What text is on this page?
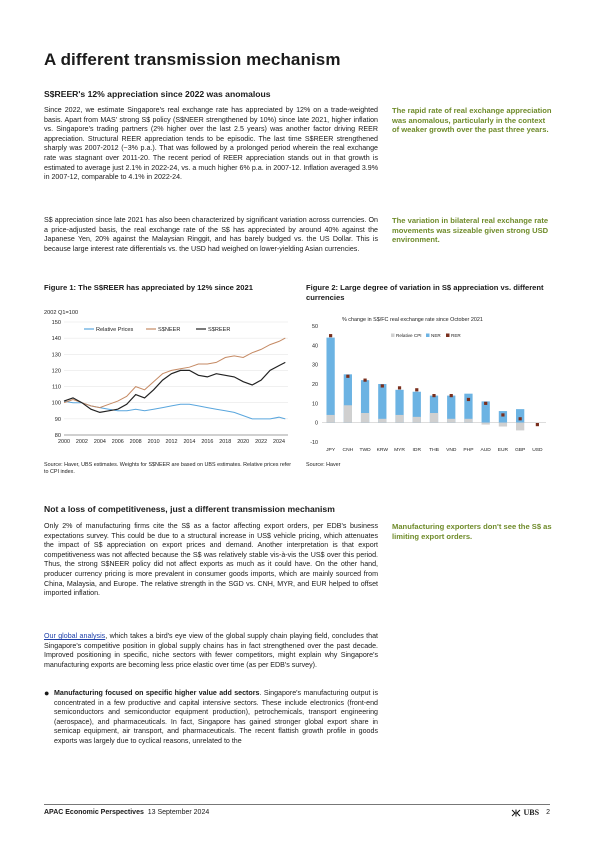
A different transmission mechanism
S$REER's 12% appreciation since 2022 was anomalous

Since 2022, we estimate Singapore's real exchange rate has appreciated by 12% on a trade-weighted basis. Apart from MAS' strong S$ policy (S$NEER strengthened by 10%) since late 2021, higher inflation vs. Singapore's trading partners (2% higher over the last 2.5 years) was another factor driving REER appreciation. Structural REER appreciation tends to be episodic. The last time S$REER strengthened sharply was 2007-2012 (~3% p.a.). That was followed by a prolonged period wherein the real exchange rate was stagnant over 2011-20. The recent period of REER appreciation stands out in that growth is estimated to average just 2.1% in 2022-24, vs. a much higher 6% p.a. in 2007-12. Inflation averaged 3.9% in 2007-12, comparable to 4.1% in 2022-24.

The rapid rate of real exchange appreciation was anomalous, particularly in the context of weaker growth over the past three years.

S$ appreciation since late 2021 has also been characterized by significant variation across currencies. On a price-adjusted basis, the real exchange rate of the S$ has appreciated by around 40% against the Japanese Yen, 20% against the Malaysian Ringgit, and has barely budged vs. the US Dollar. This is because large interest rate differentials vs. the USD had weighed on lower-yielding Asian currencies.

The variation in bilateral real exchange rate movements was sizeable given strong USD environment.

Figure 1: The S$REER has appreciated by 12% since 2021

2002 Q1=100
80
90
100
110
120
130
140
150
2000 2002 2004 2006 2008 2010 2012 2014 2016 2018 2020 2022 2024
Relative Prices	S$NEER	S$REER

Source: Haver, UBS estimates. Weights for S$NEER are based on UBS estimates. Relative prices refer to CPI index.

Figure 2: Large degree of variation in S$ appreciation vs. different currencies

% change in S$/FC real exchange rate since October 2021
-10
0
10
20
30
40
50
JPY CNH TWD KRW MYR IDR THB VND PHP AUD EUR GBP USD
Relative CPI NER RER

Source: Haver

Not a loss of competitiveness, just a different transmission mechanism

Only 2% of manufacturing firms cite the S$ as a factor affecting export orders, per EDB's business expectations survey. This could be due to a structural increase in US$ vehicle pricing, which attenuates the impact of S$ appreciation on export prices and demand. Another interpretation is that export competitiveness was not affected because the S$ was relatively stable vis-à-vis the US$ over this period. Thus, the strong S$NEER policy did not affect exports as much as it could have. On the other hand, producer currency pricing is more prevalent in consumer goods imports, which are mainly sourced from China, Malaysia, and Europe. The relative strength in the SGD vs. CNH, MYR, and EUR helped to offset imported inflation.

Manufacturing exporters don't see the S$ as limiting export orders.

Our global analysis, which takes a bird's eye view of the global supply chain playing field, concludes that Singapore's competitive position in global supply chains has in fact strengthened over the past decade. Improved positioning in specific, niche sectors with fewer competitors, might explain why Singapore's manufacturing exports are becoming less price elastic over time (as per EDB's survey).

● Manufacturing focused on specific higher value add sectors. Singapore's manufacturing output is concentrated in a few productive and capital intensive sectors. These include electronics (front-end semiconductors and semiconductor equipment production), petrochemicals, transport engineering (aerospace), and pharmaceuticals. In fact, Singapore has gained stronger global export share in semicap equipment, air transport, and pharmaceuticals. The recent flattish growth profile in goods exports was largely due to cyclical reasons, unrelated to the

APAC Economic Perspectives 13 September 2024	UBS 2
